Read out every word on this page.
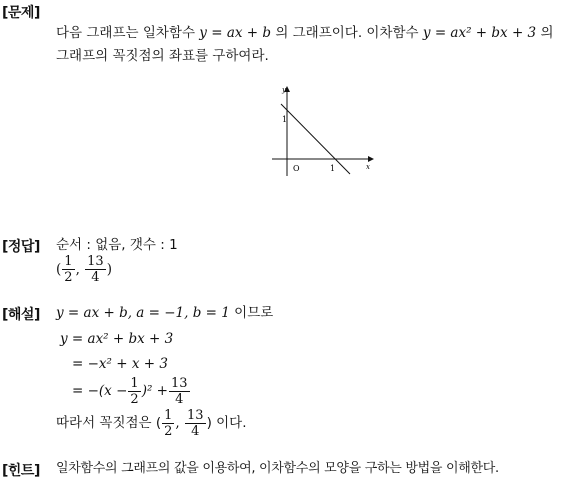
[문제]
다음 그래프는 일차함수 y = ax + b 의 그래프이다. 이차함수 y = ax² + bx + 3 의
그래프의 꼭짓점의 좌표를 구하여라.
y
x
O
1
1
[정답] 순서 : 없음, 갯수 : 1
( $\frac{1}{2}$ , $\frac{13}{4}$ )
[해설] y = ax + b, a = −1, b = 1 이므로
y = ax² + bx + 3
= −x² + x + 3
= $-(x - \frac{1}{2} )^2 + \frac{13}{4}$
따라서 꼭짓점은 ( $\frac{1}{2}$ , $\frac{13}{4}$ ) 이다.
[힌트] 일차함수의 그래프의 값을 이용하여, 이차함수의 모양을 구하는 방법을 이해한다.
